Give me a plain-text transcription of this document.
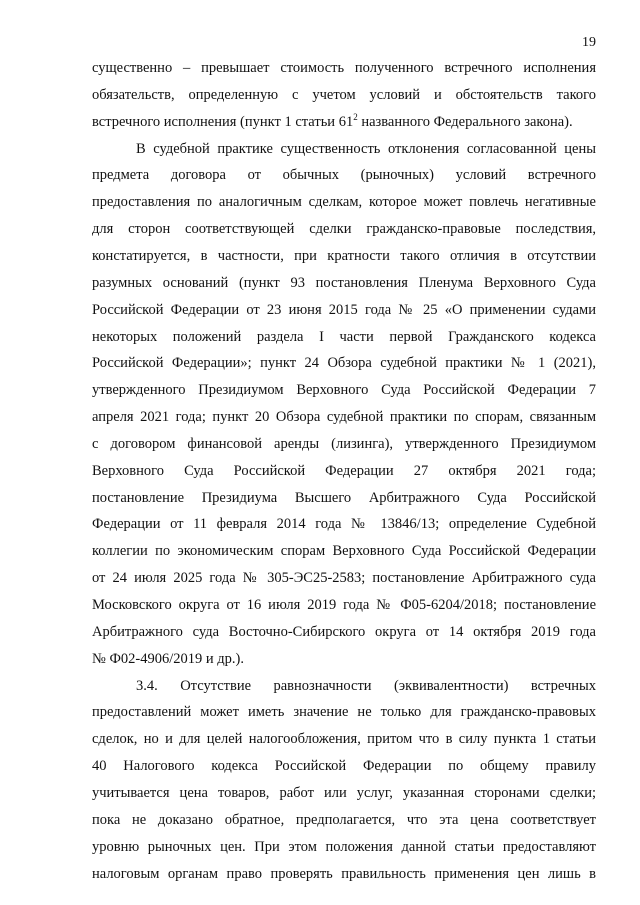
19
существенно – превышает стоимость полученного встречного исполнения
обязательств, определенную с учетом условий и обстоятельств такого
встречного исполнения (пункт 1 статьи $61^2$ названного Федерального закона).
В судебной практике существенность отклонения согласованной цены
предмета договора от обычных (рыночных) условий встречного
предоставления по аналогичным сделкам, которое может повлечь негативные
для сторон соответствующей сделки гражданско-правовые последствия,
констатируется, в частности, при кратности такого отличия в отсутствии
разумных оснований (пункт 93 постановления Пленума Верховного Суда
Российской Федерации от 23 июня 2015 года № 25 «О применении судами
некоторых положений раздела I части первой Гражданского кодекса
Российской Федерации»; пункт 24 Обзора судебной практики № 1 (2021),
утвержденного Президиумом Верховного Суда Российской Федерации 7
апреля 2021 года; пункт 20 Обзора судебной практики по спорам, связанным
с договором финансовой аренды (лизинга), утвержденного Президиумом
Верховного Суда Российской Федерации 27 октября 2021 года;
постановление Президиума Высшего Арбитражного Суда Российской
Федерации от 11 февраля 2014 года № 13846/13; определение Судебной
коллегии по экономическим спорам Верховного Суда Российской Федерации
от 24 июля 2025 года № 305-ЭС25-2583; постановление Арбитражного суда
Московского округа от 16 июля 2019 года № Ф05-6204/2018; постановление
Арбитражного суда Восточно-Сибирского округа от 14 октября 2019 года
№ Ф02-4906/2019 и др.).
3.4. Отсутствие равнозначности (эквивалентности) встречных
предоставлений может иметь значение не только для гражданско-правовых
сделок, но и для целей налогообложения, притом что в силу пункта 1 статьи
40 Налогового кодекса Российской Федерации по общему правилу
учитывается цена товаров, работ или услуг, указанная сторонами сделки;
пока не доказано обратное, предполагается, что эта цена соответствует
уровню рыночных цен. При этом положения данной статьи предоставляют
налоговым органам право проверять правильность применения цен лишь в
